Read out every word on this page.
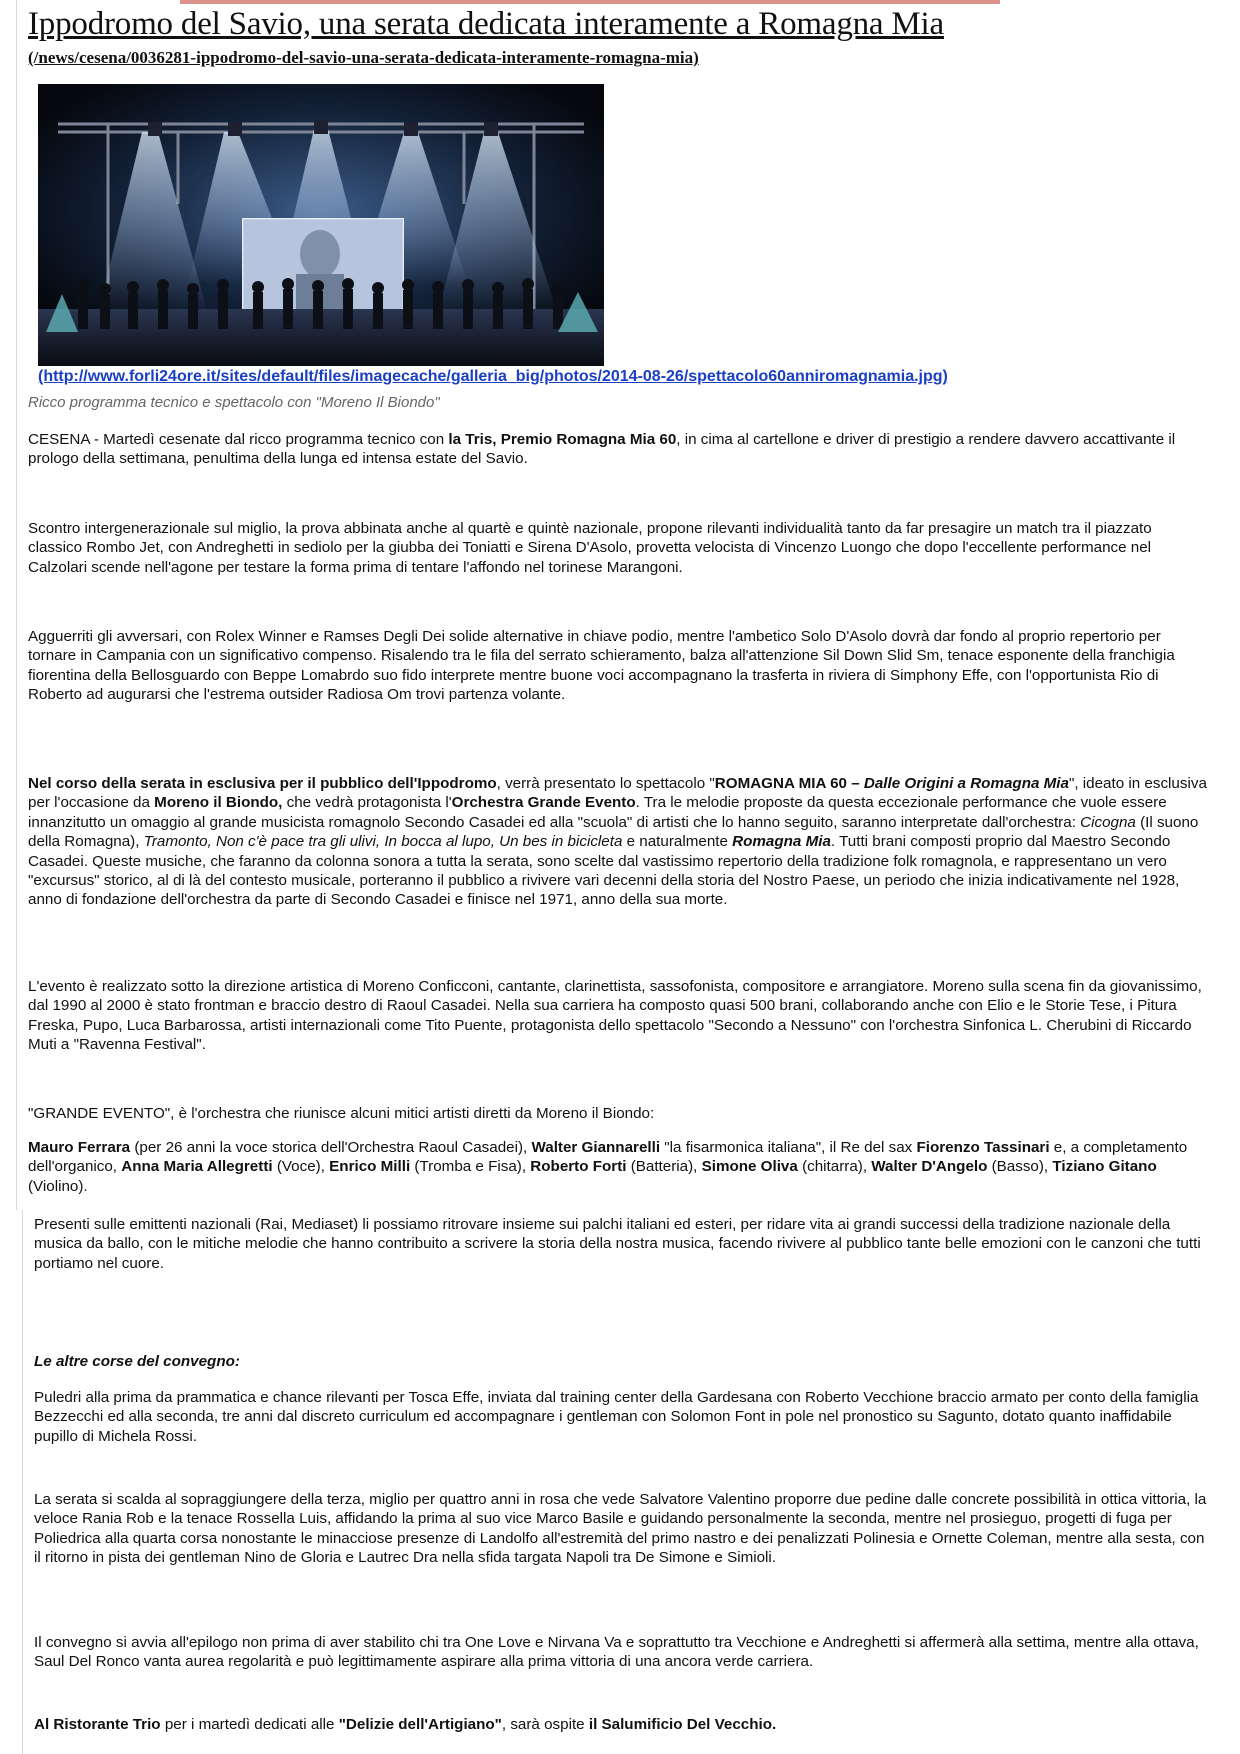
Ippodromo del Savio, una serata dedicata interamente a Romagna Mia
(/news/cesena/0036281-ippodromo-del-savio-una-serata-dedicata-interamente-romagna-mia)
(http://www.forli24ore.it/sites/default/files/imagecache/galleria_big/photos/2014-08-26/spettacolo60anniromagnamia.jpg)
Ricco programma tecnico e spettacolo con "Moreno Il Biondo"

CESENA - Martedì cesenate dal ricco programma tecnico con la Tris, Premio Romagna Mia 60, in cima al cartellone e driver di prestigio a rendere davvero accattivante il prologo della settimana, penultima della lunga ed intensa estate del Savio.

Scontro intergenerazionale sul miglio, la prova abbinata anche al quartè e quintè nazionale, propone rilevanti individualità tanto da far presagire un match tra il piazzato classico Rombo Jet, con Andreghetti in sediolo per la giubba dei Toniatti e Sirena D'Asolo, provetta velocista di Vincenzo Luongo che dopo l'eccellente performance nel Calzolari scende nell'agone per testare la forma prima di tentare l'affondo nel torinese Marangoni.

Agguerriti gli avversari, con Rolex Winner e Ramses Degli Dei solide alternative in chiave podio, mentre l'ambetico Solo D'Asolo dovrà dar fondo al proprio repertorio per tornare in Campania con un significativo compenso. Risalendo tra le fila del serrato schieramento, balza all'attenzione Sil Down Slid Sm, tenace esponente della franchigia fiorentina della Bellosguardo con Beppe Lomabrdo suo fido interprete mentre buone voci accompagnano la trasferta in riviera di Simphony Effe, con l'opportunista Rio di Roberto ad augurarsi che l'estrema outsider Radiosa Om trovi partenza volante.

Nel corso della serata in esclusiva per il pubblico dell'Ippodromo, verrà presentato lo spettacolo "ROMAGNA MIA 60 – Dalle Origini a Romagna Mia", ideato in esclusiva per l'occasione da Moreno il Biondo, che vedrà protagonista l'Orchestra Grande Evento. Tra le melodie proposte da questa eccezionale performance che vuole essere innanzitutto un omaggio al grande musicista romagnolo Secondo Casadei ed alla "scuola" di artisti che lo hanno seguito, saranno interpretate dall'orchestra: Cicogna (Il suono della Romagna), Tramonto, Non c'è pace tra gli ulivi, In bocca al lupo, Un bes in bicicleta e naturalmente Romagna Mia. Tutti brani composti proprio dal Maestro Secondo Casadei. Queste musiche, che faranno da colonna sonora a tutta la serata, sono scelte dal vastissimo repertorio della tradizione folk romagnola, e rappresentano un vero "excursus" storico, al di là del contesto musicale, porteranno il pubblico a rivivere vari decenni della storia del Nostro Paese, un periodo che inizia indicativamente nel 1928, anno di fondazione dell'orchestra da parte di Secondo Casadei e finisce nel 1971, anno della sua morte.

L'evento è realizzato sotto la direzione artistica di Moreno Conficconi, cantante, clarinettista, sassofonista, compositore e arrangiatore. Moreno sulla scena fin da giovanissimo, dal 1990 al 2000 è stato frontman e braccio destro di Raoul Casadei. Nella sua carriera ha composto quasi 500 brani, collaborando anche con Elio e le Storie Tese, i Pitura Freska, Pupo, Luca Barbarossa, artisti internazionali come Tito Puente, protagonista dello spettacolo "Secondo a Nessuno" con l'orchestra Sinfonica L. Cherubini di Riccardo Muti a "Ravenna Festival".

"GRANDE EVENTO", è l'orchestra che riunisce alcuni mitici artisti diretti da Moreno il Biondo:

Mauro Ferrara (per 26 anni la voce storica dell'Orchestra Raoul Casadei), Walter Giannarelli "la fisarmonica italiana", il Re del sax Fiorenzo Tassinari e, a completamento dell'organico, Anna Maria Allegretti (Voce), Enrico Milli (Tromba e Fisa), Roberto Forti (Batteria), Simone Oliva (chitarra), Walter D'Angelo (Basso), Tiziano Gitano (Violino).

Presenti sulle emittenti nazionali (Rai, Mediaset) li possiamo ritrovare insieme sui palchi italiani ed esteri, per ridare vita ai grandi successi della tradizione nazionale della musica da ballo, con le mitiche melodie che hanno contribuito a scrivere la storia della nostra musica, facendo rivivere al pubblico tante belle emozioni con le canzoni che tutti portiamo nel cuore.

Le altre corse del convegno:

Puledri alla prima da prammatica e chance rilevanti per Tosca Effe, inviata dal training center della Gardesana con Roberto Vecchione braccio armato per conto della famiglia Bezzecchi ed alla seconda, tre anni dal discreto curriculum ed accompagnare i gentleman con Solomon Font in pole nel pronostico su Sagunto, dotato quanto inaffidabile pupillo di Michela Rossi.

La serata si scalda al sopraggiungere della terza, miglio per quattro anni in rosa che vede Salvatore Valentino proporre due pedine dalle concrete possibilità in ottica vittoria, la veloce Rania Rob e la tenace Rossella Luis, affidando la prima al suo vice Marco Basile e guidando personalmente la seconda, mentre nel prosieguo, progetti di fuga per Poliedrica alla quarta corsa nonostante le minacciose presenze di Landolfo all'estremità del primo nastro e dei penalizzati Polinesia e Ornette Coleman, mentre alla sesta, con il ritorno in pista dei gentleman Nino de Gloria e Lautrec Dra nella sfida targata Napoli tra De Simone e Simioli.

Il convegno si avvia all'epilogo non prima di aver stabilito chi tra One Love e Nirvana Va e soprattutto tra Vecchione e Andreghetti si affermerà alla settima, mentre alla ottava, Saul Del Ronco vanta aurea regolarità e può legittimamente aspirare alla prima vittoria di una ancora verde carriera.

Al Ristorante Trio per i martedì dedicati alle "Delizie dell'Artigiano", sarà ospite il Salumificio Del Vecchio.
